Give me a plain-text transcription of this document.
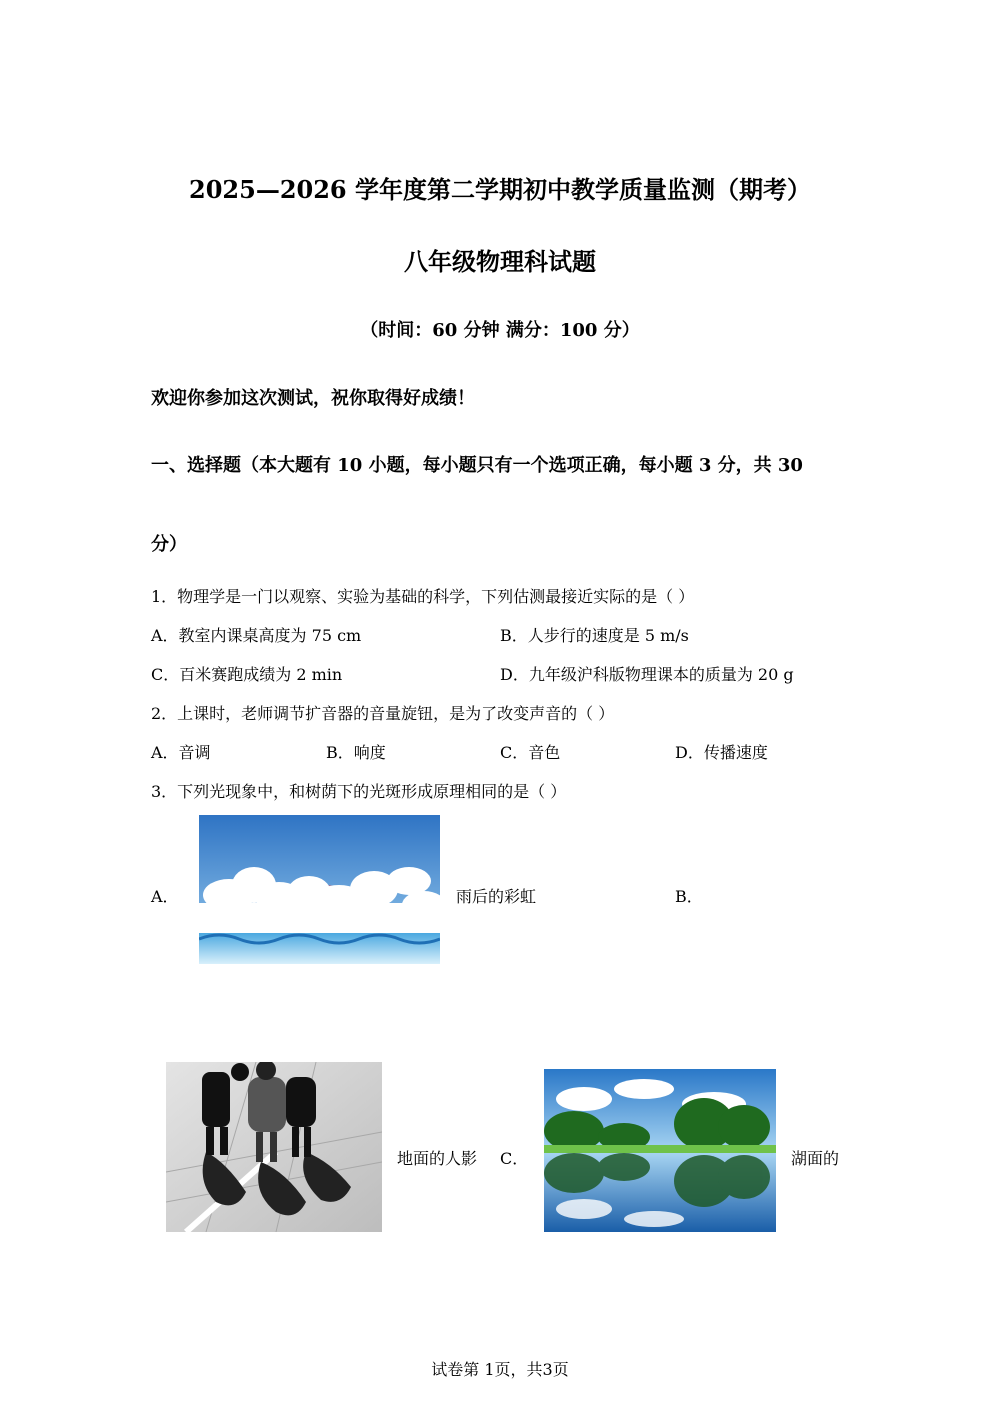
2025—2026 学年度第二学期初中教学质量监测（期考）
八年级物理科试题
（时间：60 分钟 满分：100 分）
欢迎你参加这次测试，祝你取得好成绩！
一、选择题（本大题有 10 小题，每小题只有一个选项正确，每小题 3 分，共 30
分）
1．物理学是一门以观察、实验为基础的科学，下列估测最接近实际的是（ ）
A．教室内课桌高度为 75 cm	B．人步行的速度是 5 m/s
C．百米赛跑成绩为 2 min	D．九年级沪科版物理课本的质量为 20 g
2．上课时，老师调节扩音器的音量旋钮，是为了改变声音的（ ）
A．音调	B．响度	C．音色	D．传播速度
3．下列光现象中，和树荫下的光斑形成原理相同的是（ ）
A．	雨后的彩虹	B．
地面的人影 C．	湖面的
试卷第 1页，共3页
